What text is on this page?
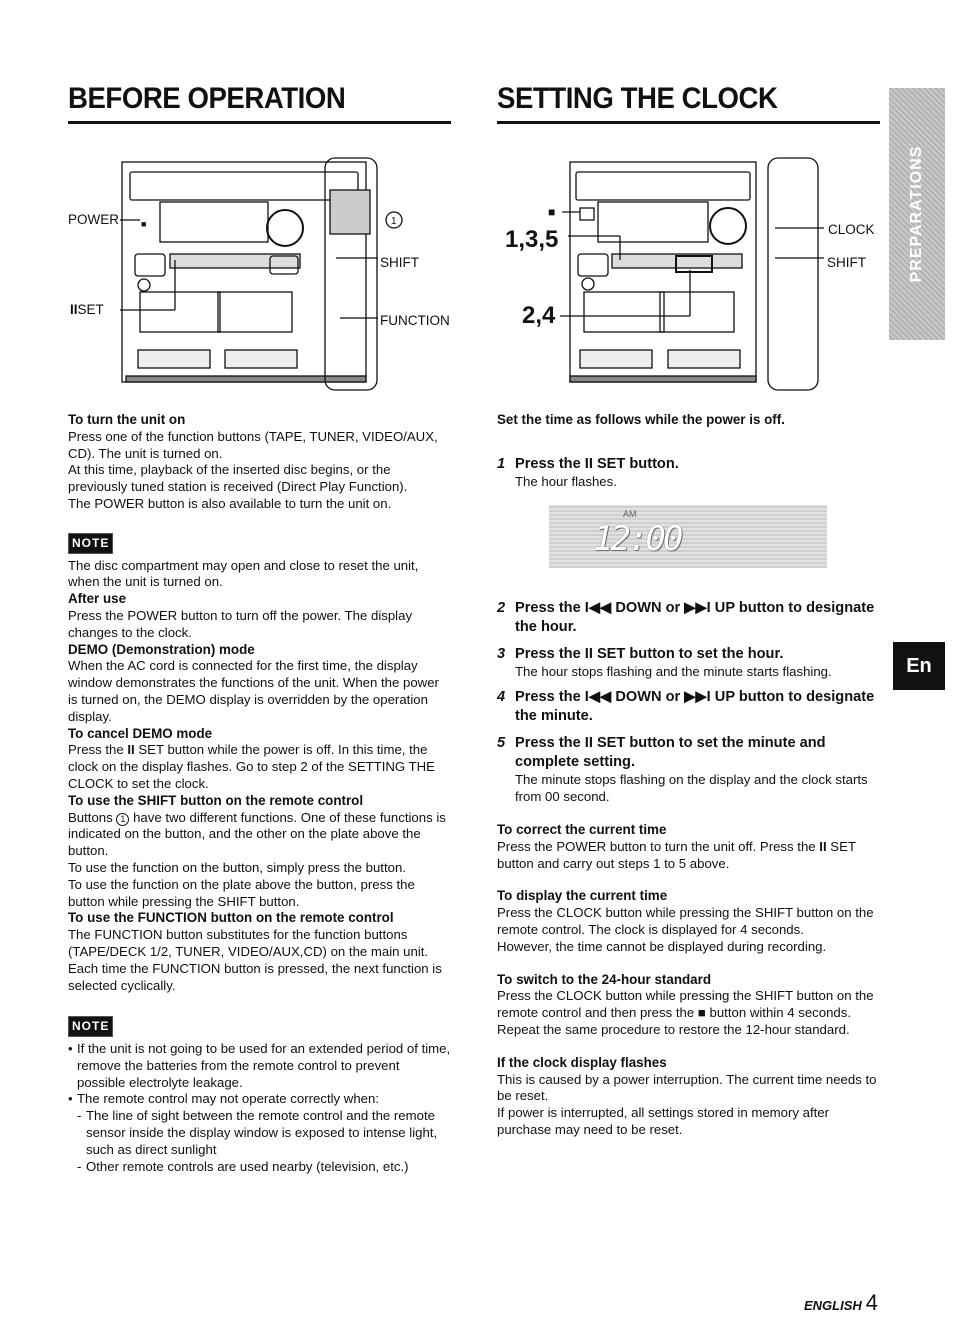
BEFORE OPERATION	SETTING THE CLOCK
PREPARATIONS
En
■	1
POWER
IISET
SHIFT
FUNCTION
■
1,3,5
2,4
CLOCK
SHIFT

To turn the unit on

Press one of the function buttons (TAPE, TUNER, VIDEO/AUX, CD). The unit is turned on.

At this time, playback of the inserted disc begins, or the previously tuned station is received (Direct Play Function).

The POWER button is also available to turn the unit on.

NOTE

The disc compartment may open and close to reset the unit, when the unit is turned on.

After use

Press the POWER button to turn off the power. The display changes to the clock.

DEMO (Demonstration) mode

When the AC cord is connected for the first time, the display window demonstrates the functions of the unit. When the power is turned on, the DEMO display is overridden by the operation display.

To cancel DEMO mode

Press the II SET button while the power is off. In this time, the clock on the display flashes. Go to step 2 of the SETTING THE CLOCK to set the clock.

To use the SHIFT button on the remote control

Buttons 1 have two different functions. One of these functions is indicated on the button, and the other on the plate above the button.

To use the function on the button, simply press the button.

To use the function on the plate above the button, press the button while pressing the SHIFT button.

To use the FUNCTION button on the remote control

The FUNCTION button substitutes for the function buttons (TAPE/DECK 1/2, TUNER, VIDEO/AUX,CD) on the main unit.

Each time the FUNCTION button is pressed, the next function is selected cyclically.

NOTE
• If the unit is not going to be used for an extended period of time, remove the batteries from the remote control to prevent possible electrolyte leakage.
• The remote control may not operate correctly when:
- The line of sight between the remote control and the remote sensor inside the display window is exposed to intense light, such as direct sunlight
- Other remote controls are used nearby (television, etc.)

Set the time as follows while the power is off.

1 Press the II SET button.

The hour flashes.

2 Press the I◀◀ DOWN or ▶▶I UP button to designate the hour.
3 Press the II SET button to set the hour.

The hour stops flashing and the minute starts flashing.

4 Press the I◀◀ DOWN or ▶▶I UP button to designate the minute.
5 Press the II SET button to set the minute and complete setting.

The minute stops flashing on the display and the clock starts from 00 second.

To correct the current time

Press the POWER button to turn the unit off. Press the II SET button and carry out steps 1 to 5 above.

To display the current time

Press the CLOCK button while pressing the SHIFT button on the remote control. The clock is displayed for 4 seconds.

However, the time cannot be displayed during recording.

To switch to the 24-hour standard

Press the CLOCK button while pressing the SHIFT button on the remote control and then press the ■ button within 4 seconds.

Repeat the same procedure to restore the 12-hour standard.

If the clock display flashes

This is caused by a power interruption. The current time needs to be reset.

If power is interrupted, all settings stored in memory after purchase may need to be reset.

AM
12:00
ENGLISH 4
